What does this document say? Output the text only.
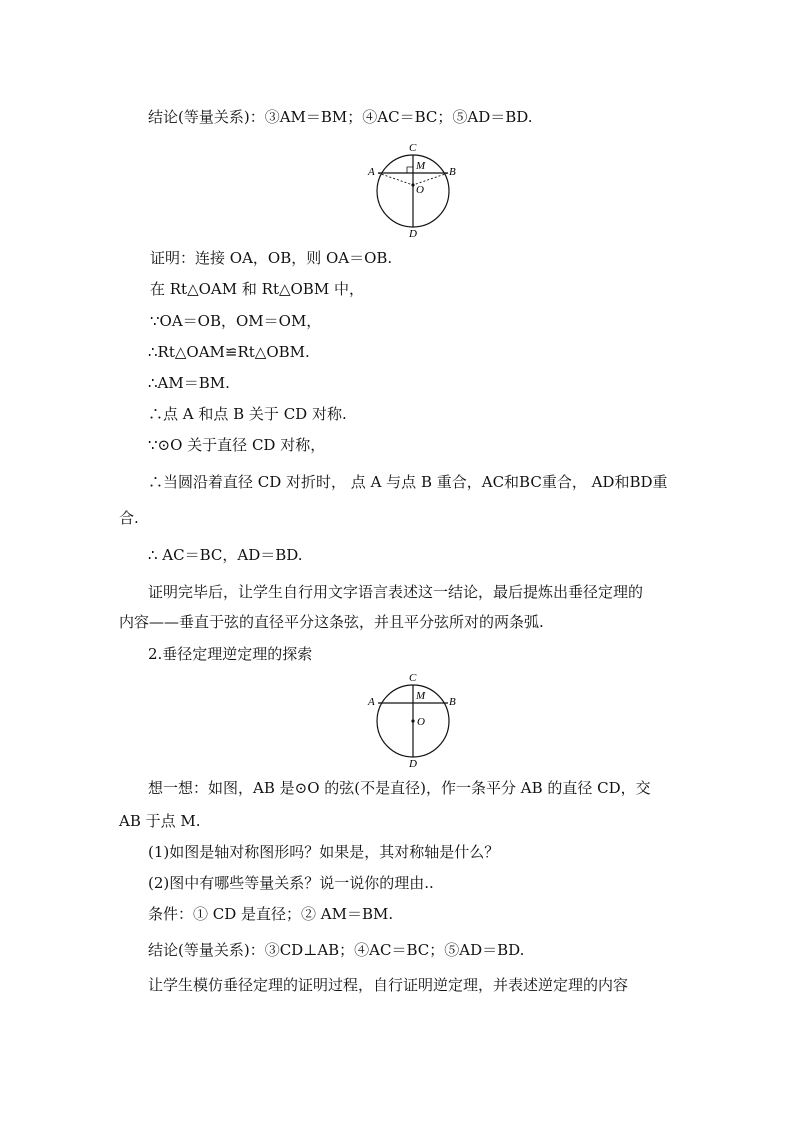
结论(等量关系)：③AM＝BM；④AC＝BC；⑤AD＝BD.
C
M
A	B
O
D
证明：连接 OA，OB，则 OA＝OB.
在 Rt△OAM 和 Rt△OBM 中，
∵OA＝OB，OM＝OM，
∴Rt△OAM≌Rt△OBM.
∴AM＝BM.
∴点 A 和点 B 关于 CD 对称.
∵⊙O 关于直径 CD 对称，
∴当圆沿着直径 CD 对折时， 点 A 与点 B 重合，AC和BC重合， AD和BD重
合.
∴ AC＝BC，AD＝BD.
证明完毕后，让学生自行用文字语言表述这一结论，最后提炼出垂径定理的
内容——垂直于弦的直径平分这条弦，并且平分弦所对的两条弧.
2.垂径定理逆定理的探索
C
M
A	B
O
D
想一想：如图，AB 是⊙O 的弦(不是直径)，作一条平分 AB 的直径 CD，交
AB 于点 M.
(1)如图是轴对称图形吗？如果是，其对称轴是什么？
(2)图中有哪些等量关系？说一说你的理由..
条件：① CD 是直径；② AM＝BM.
结论(等量关系)：③CD⊥AB；④AC＝BC；⑤AD＝BD.
让学生模仿垂径定理的证明过程，自行证明逆定理，并表述逆定理的内容
